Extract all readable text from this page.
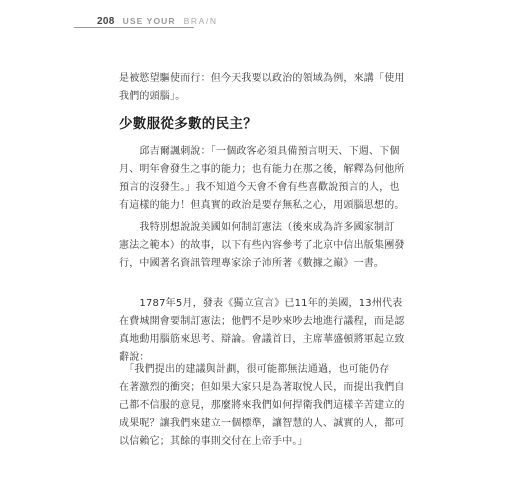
208 USE YOUR BRA/N

是被慾望驅使而行：但今天我要以政治的領域為例，來講「使用
我們的頭腦」。

少數服從多數的民主？

　　邱吉爾諷刺說：「一個政客必須具備預言明天、下週、下個
月、明年會發生之事的能力；也有能力在那之後，解釋為何他所
預言的沒發生。」我不知道今天會不會有些喜歡說預言的人，也
有這樣的能力！但真實的政治是要存無私之心，用頭腦思想的。

　　我特別想說說美國如何制訂憲法（後來成為許多國家制訂
憲法之範本）的故事，以下有些內容參考了北京中信出版集團發
行，中國著名資訊管理專家涂子沛所著《數據之巔》一書。

　　1787年5月，發表《獨立宣言》已11年的美國，13州代表
在費城開會要制訂憲法；他們不是吵來吵去地進行議程，而是認
真地動用腦筋來思考、辯論。會議首日，主席華盛頓將軍起立致
辭說：

　「我們提出的建議與計劃，很可能都無法通過，也可能仍存
在著激烈的衝突；但如果大家只是為著取悅人民，而提出我們自
己都不信服的意見，那麼將來我們如何捍衛我們這樣辛苦建立的
成果呢？讓我們來建立一個標準，讓智慧的人、誠實的人，都可
以信賴它；其餘的事則交付在上帝手中。」
